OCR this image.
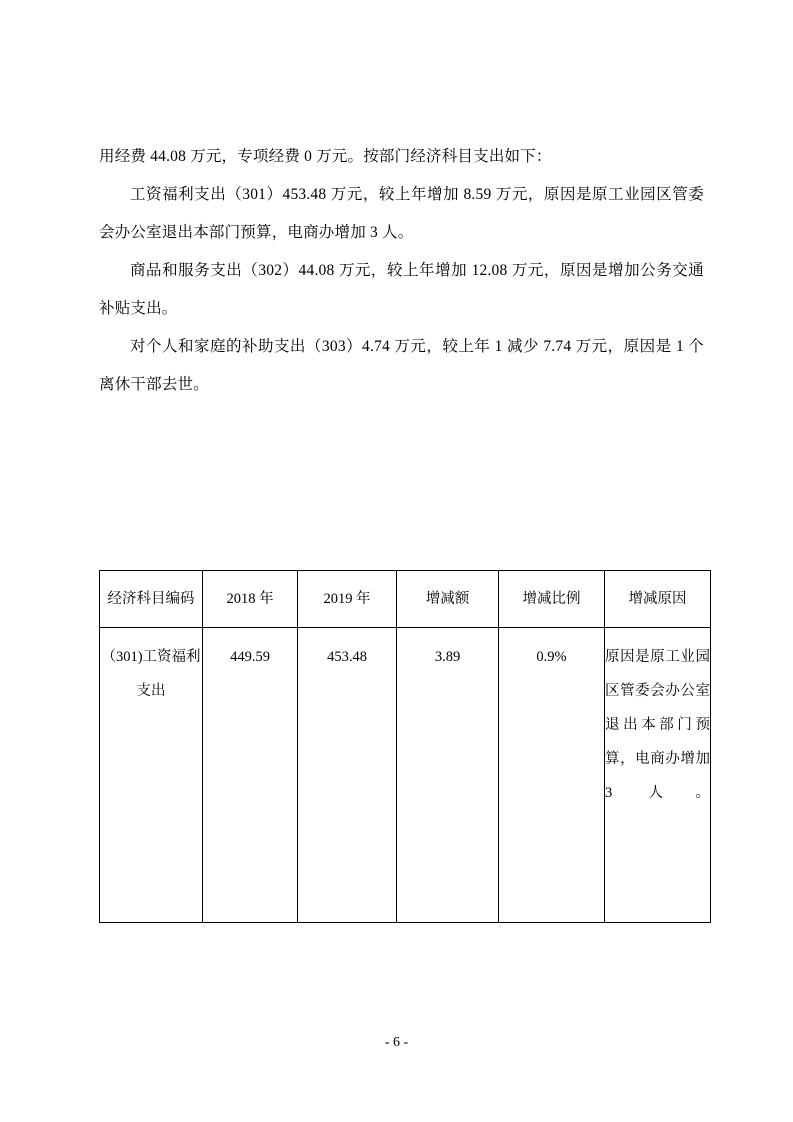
用经费 44.08 万元，专项经费 0 万元。按部门经济科目支出如下：

工资福利支出（301）453.48 万元，较上年增加 8.59 万元，原因是原工业园区管委会办公室退出本部门预算，电商办增加 3 人。

商品和服务支出（302）44.08 万元，较上年增加 12.08 万元，原因是增加公务交通补贴支出。

对个人和家庭的补助支出（303）4.74 万元，较上年 1 减少 7.74 万元，原因是 1 个离休干部去世。

经济科目编码	2018 年	2019 年	增减额	增减比例	增减原因
（301)工资福利支出	449.59	453.48	3.89	0.9%	原因是原工业园区管委会办公室退出本部门预算，电商办增加 3 人。
- 6 -
